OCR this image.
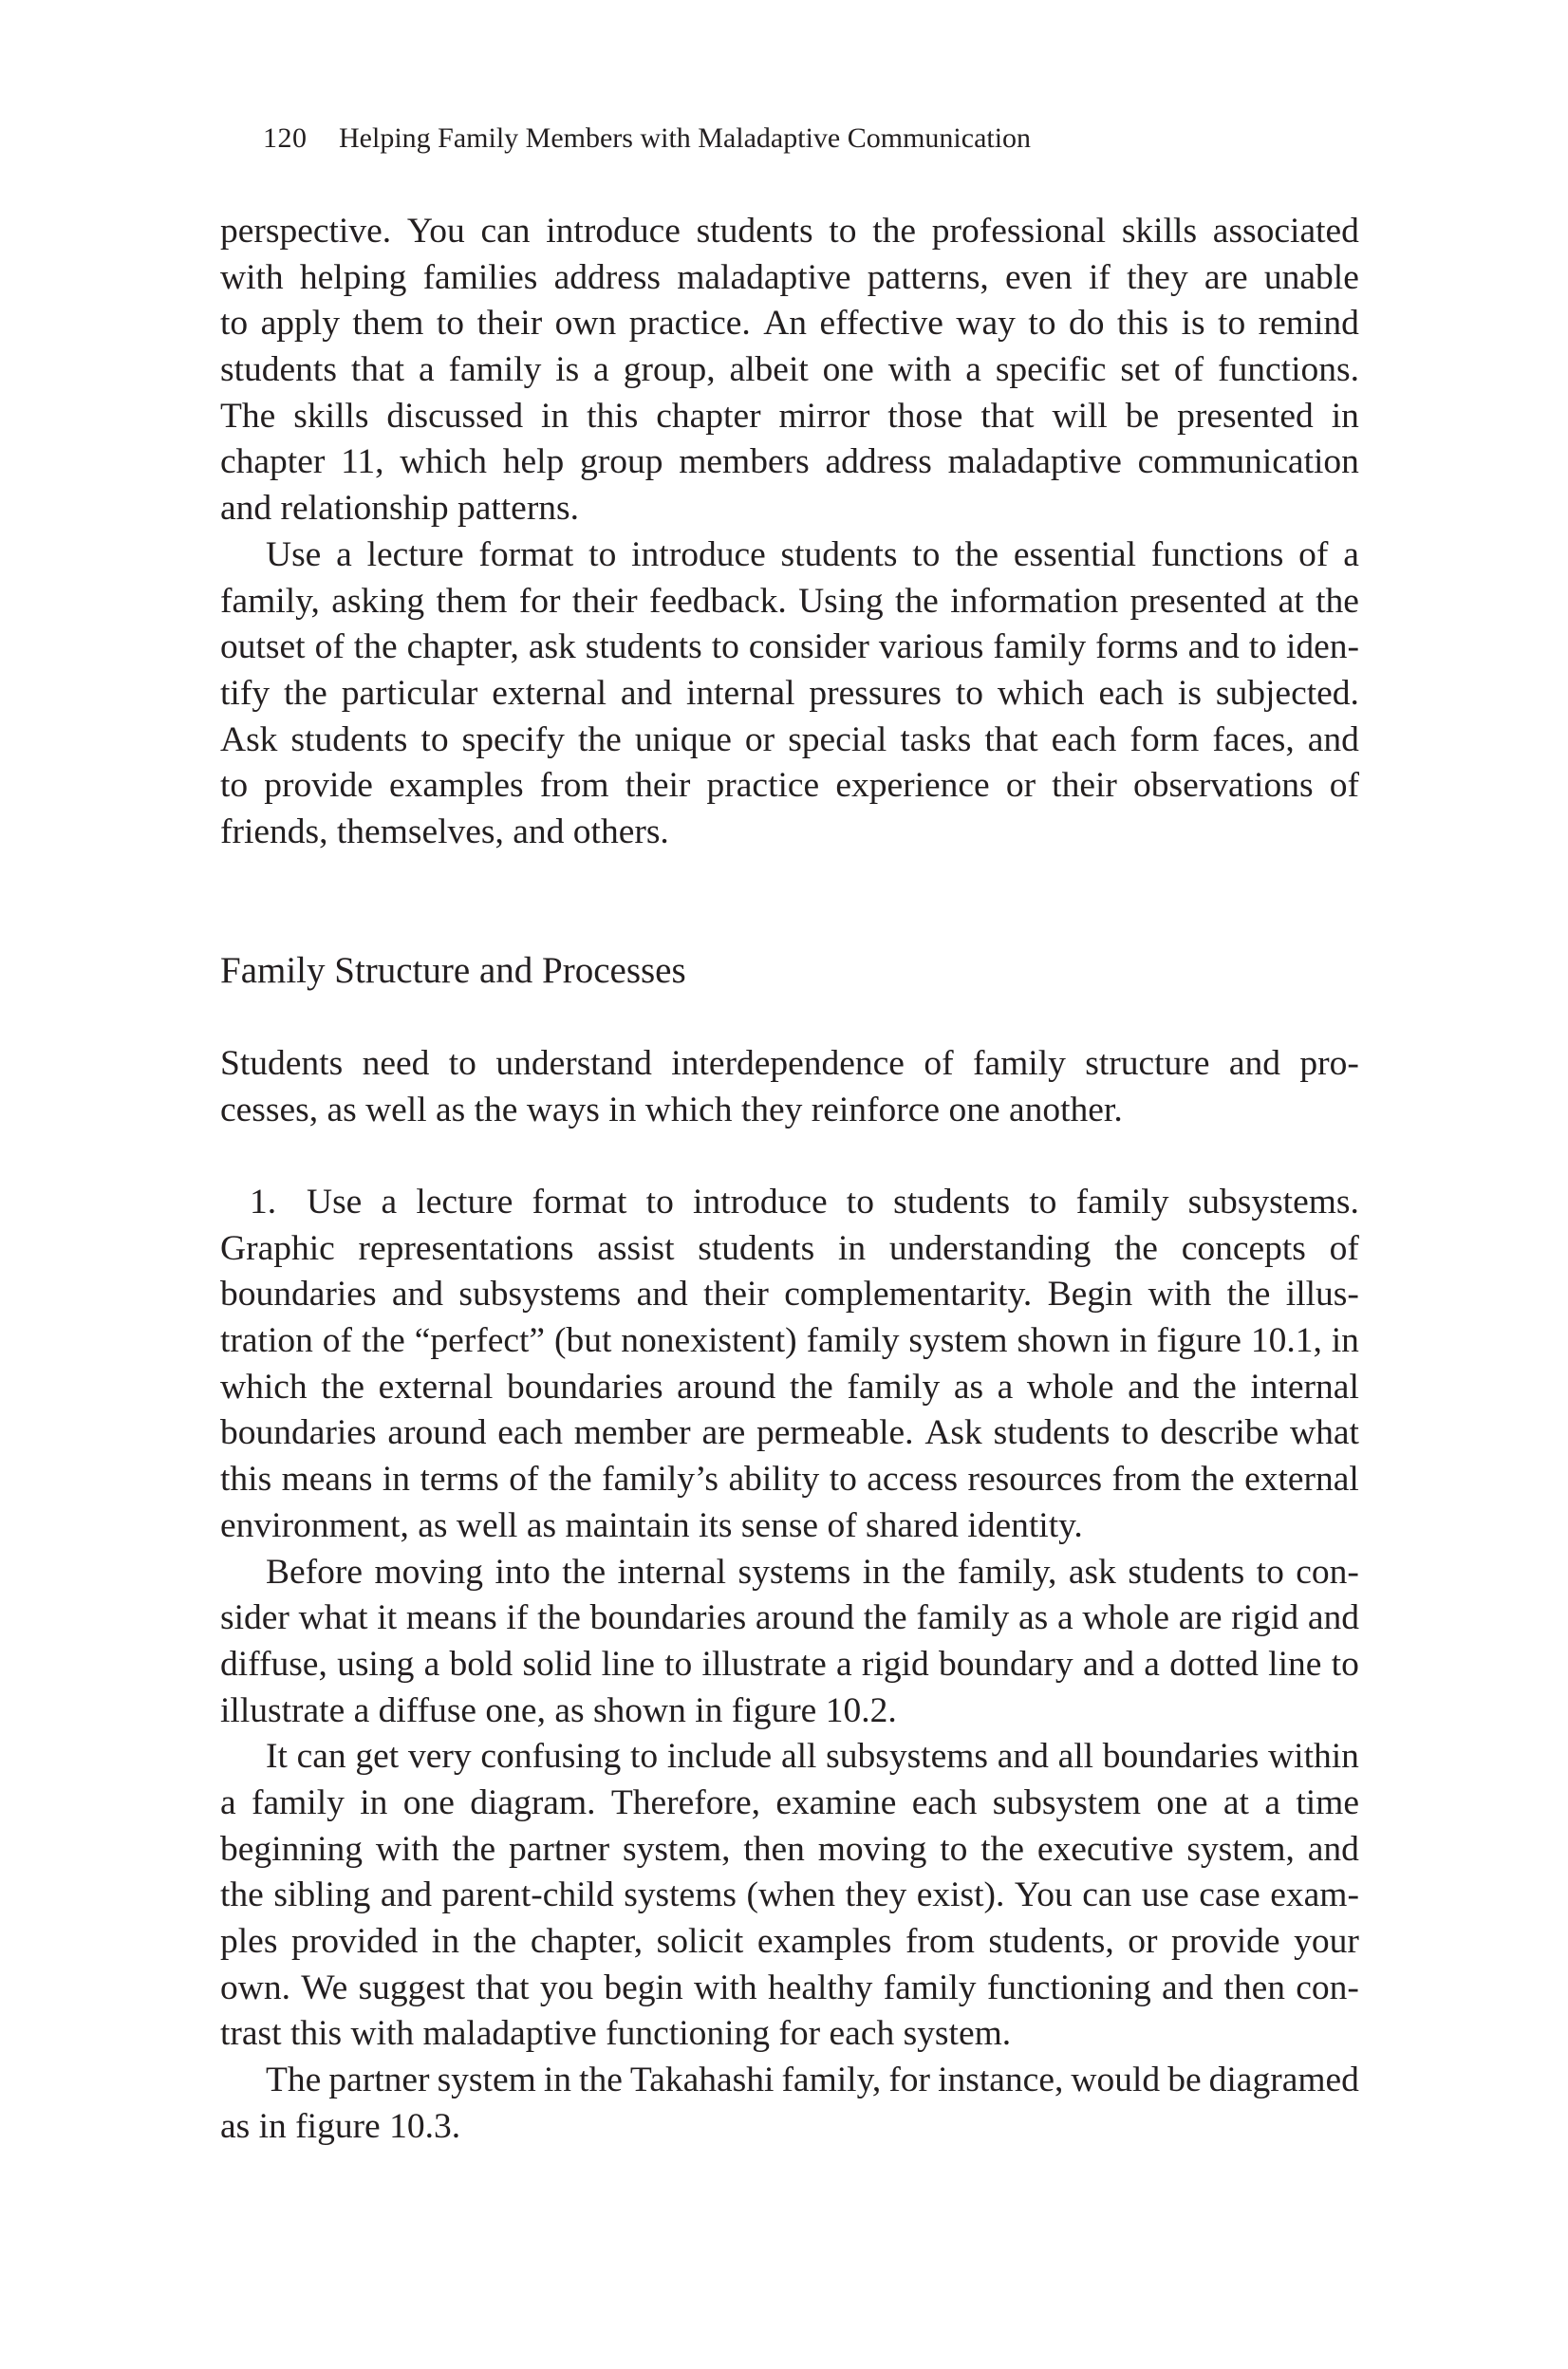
120 Helping Family Members with Maladaptive Communication
perspective. You can introduce students to the professional skills associated
with helping families address maladaptive patterns, even if they are unable
to apply them to their own practice. An effective way to do this is to remind
students that a family is a group, albeit one with a specific set of functions.
The skills discussed in this chapter mirror those that will be presented in
chapter 11, which help group members address maladaptive communication
and relationship patterns.
Use a lecture format to introduce students to the essential functions of a
family, asking them for their feedback. Using the information presented at the
outset of the chapter, ask students to consider various family forms and to iden-
tify the particular external and internal pressures to which each is subjected.
Ask students to specify the unique or special tasks that each form faces, and
to provide examples from their practice experience or their observations of
friends, themselves, and others.
Family Structure and Processes
Students need to understand interdependence of family structure and pro-
cesses, as well as the ways in which they reinforce one another.
1. Use a lecture format to introduce to students to family subsystems.
Graphic representations assist students in understanding the concepts of
boundaries and subsystems and their complementarity. Begin with the illus-
tration of the “perfect” (but nonexistent) family system shown in figure 10.1, in
which the external boundaries around the family as a whole and the internal
boundaries around each member are permeable. Ask students to describe what
this means in terms of the family’s ability to access resources from the external
environment, as well as maintain its sense of shared identity.
Before moving into the internal systems in the family, ask students to con-
sider what it means if the boundaries around the family as a whole are rigid and
diffuse, using a bold solid line to illustrate a rigid boundary and a dotted line to
illustrate a diffuse one, as shown in figure 10.2.
It can get very confusing to include all subsystems and all boundaries within
a family in one diagram. Therefore, examine each subsystem one at a time
beginning with the partner system, then moving to the executive system, and
the sibling and parent-child systems (when they exist). You can use case exam-
ples provided in the chapter, solicit examples from students, or provide your
own. We suggest that you begin with healthy family functioning and then con-
trast this with maladaptive functioning for each system.
The partner system in the Takahashi family, for instance, would be diagramed
as in figure 10.3.
